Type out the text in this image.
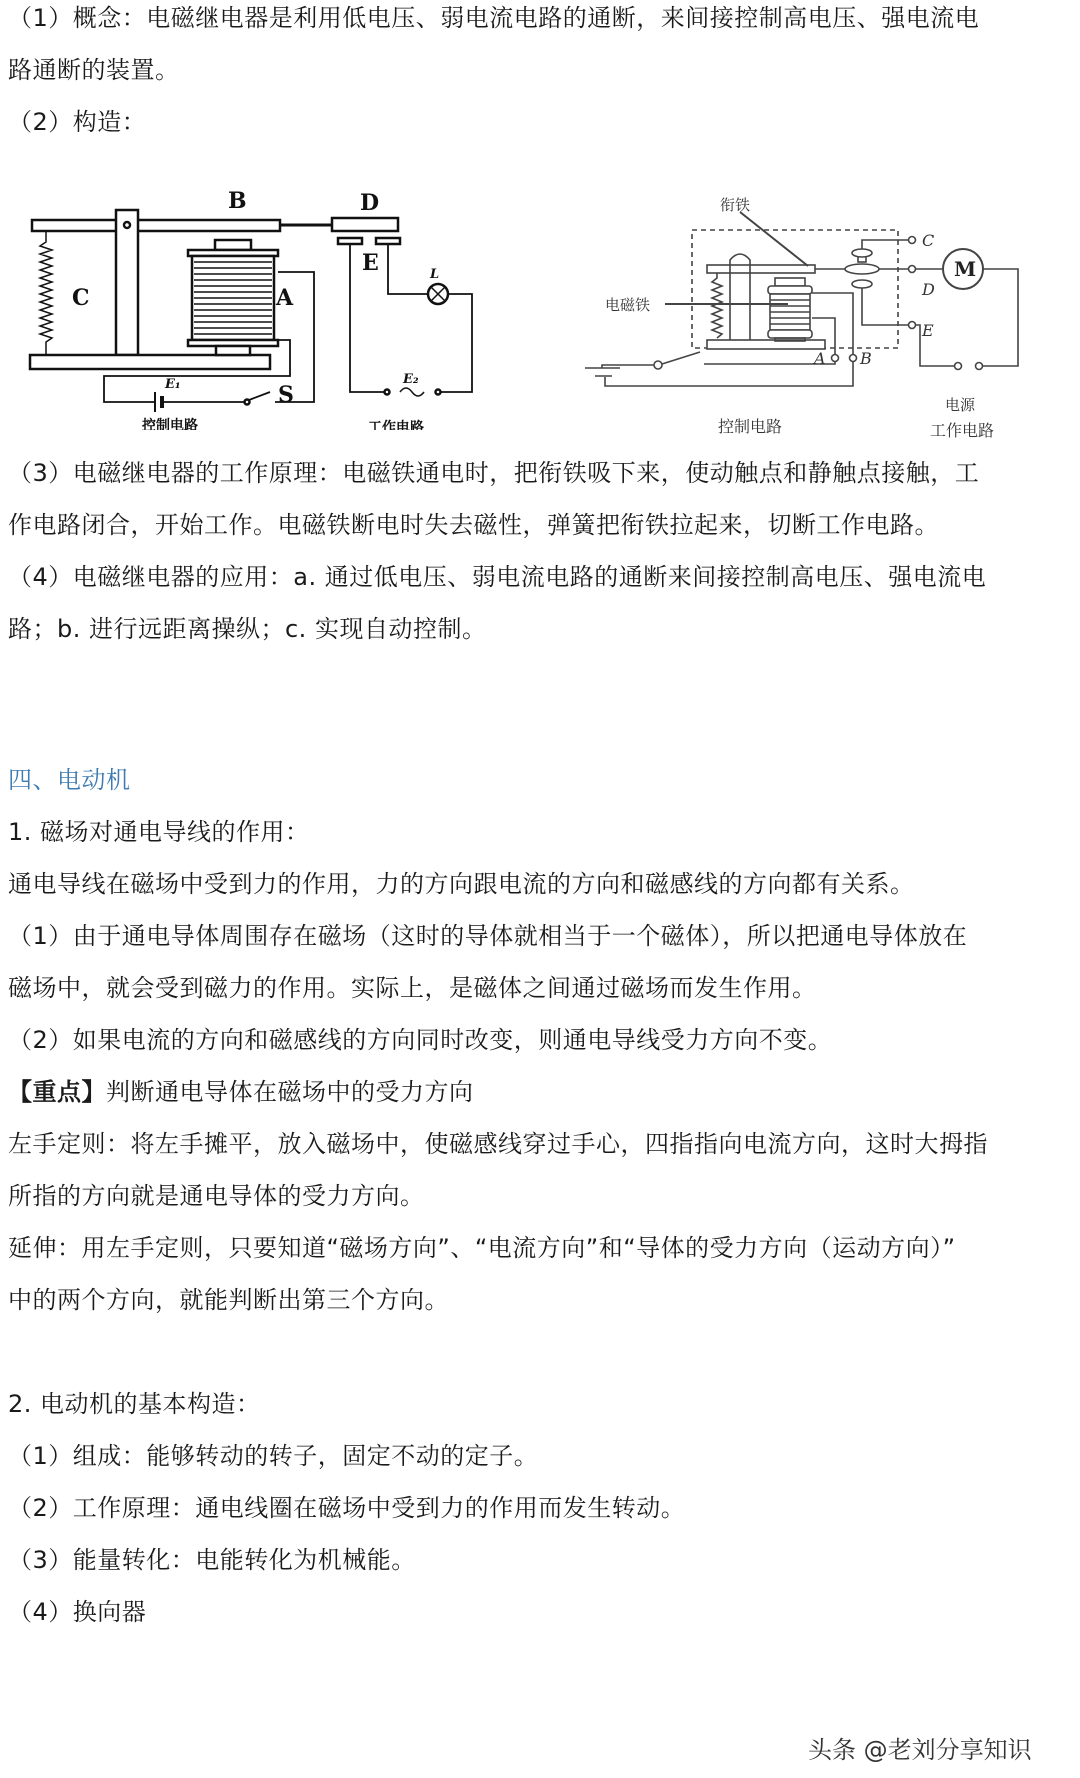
（1）概念：电磁继电器是利用低电压、弱电流电路的通断，来间接控制高电压、强电流电
路通断的装置。
（2）构造：
B	D
E
C	A
S
L
E₁	E₂
控制电路	工作电路
衔铁
电磁铁
电源
控制电路	工作电路
C
D
E
A B
M
（3）电磁继电器的工作原理：电磁铁通电时，把衔铁吸下来，使动触点和静触点接触，工
作电路闭合，开始工作。电磁铁断电时失去磁性，弹簧把衔铁拉起来，切断工作电路。
（4）电磁继电器的应用：a. 通过低电压、弱电流电路的通断来间接控制高电压、强电流电
路；b. 进行远距离操纵；c. 实现自动控制。
四、电动机
1. 磁场对通电导线的作用：
通电导线在磁场中受到力的作用，力的方向跟电流的方向和磁感线的方向都有关系。
（1）由于通电导体周围存在磁场（这时的导体就相当于一个磁体），所以把通电导体放在
磁场中，就会受到磁力的作用。实际上，是磁体之间通过磁场而发生作用。
（2）如果电流的方向和磁感线的方向同时改变，则通电导线受力方向不变。
【重点】判断通电导体在磁场中的受力方向
左手定则：将左手摊平，放入磁场中，使磁感线穿过手心，四指指向电流方向，这时大拇指
所指的方向就是通电导体的受力方向。
延伸：用左手定则，只要知道“磁场方向”、“电流方向”和“导体的受力方向（运动方向）”
中的两个方向，就能判断出第三个方向。
2. 电动机的基本构造：
（1）组成：能够转动的转子，固定不动的定子。
（2）工作原理：通电线圈在磁场中受到力的作用而发生转动。
（3）能量转化：电能转化为机械能。
（4）换向器
头条 @老刘分享知识
